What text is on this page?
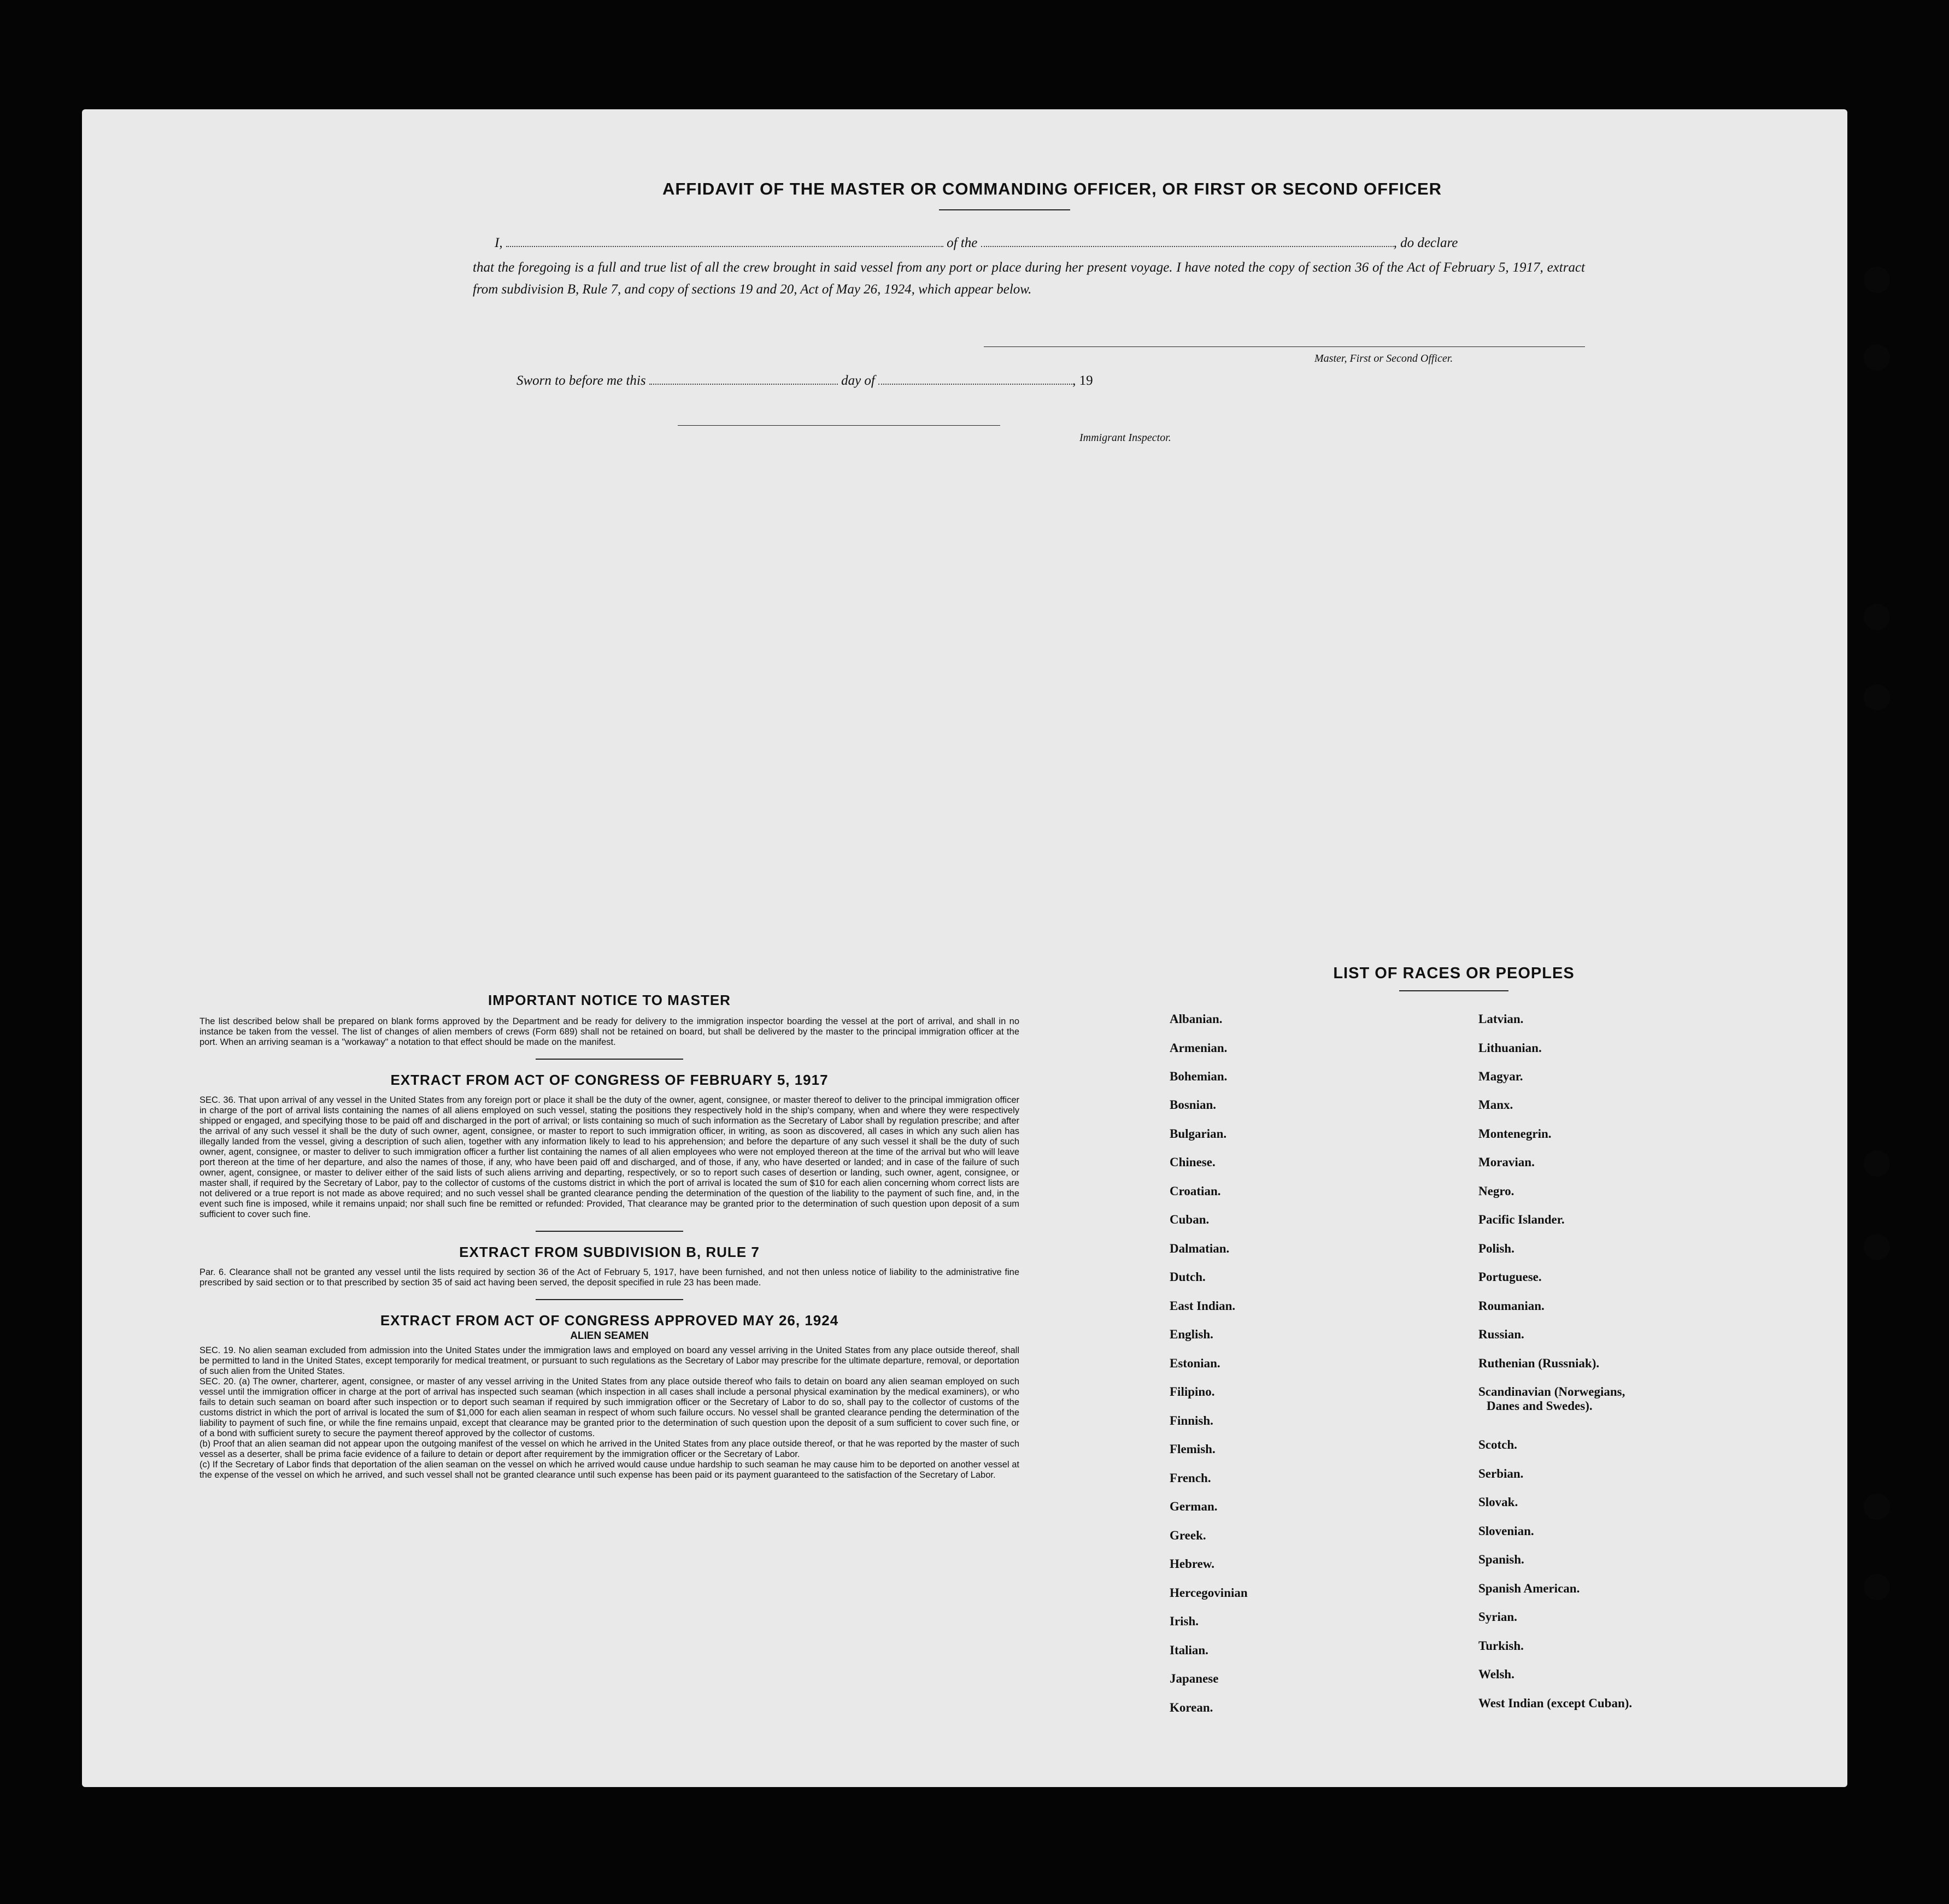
AFFIDAVIT OF THE MASTER OR COMMANDING OFFICER, OR FIRST OR SECOND OFFICER
I,	of the	, do declare
that the foregoing is a full and true list of all the crew brought in said vessel from any port or place during her present voyage. I have noted the copy of section 36 of the Act of February 5, 1917, extract from subdivision B, Rule 7, and copy of sections 19 and 20, Act of May 26, 1924, which appear below.
Master, First or Second Officer.
Sworn to before me this	day of	, 19
Immigrant Inspector.
IMPORTANT NOTICE TO MASTER

The list described below shall be prepared on blank forms approved by the Department and be ready for delivery to the immigration inspector boarding the vessel at the port of arrival, and shall in no instance be taken from the vessel. The list of changes of alien members of crews (Form 689) shall not be retained on board, but shall be delivered by the master to the principal immigration officer at the port. When an arriving seaman is a "workaway" a notation to that effect should be made on the manifest.

EXTRACT FROM ACT OF CONGRESS OF FEBRUARY 5, 1917

SEC. 36. That upon arrival of any vessel in the United States from any foreign port or place it shall be the duty of the owner, agent, consignee, or master thereof to deliver to the principal immigration officer in charge of the port of arrival lists containing the names of all aliens employed on such vessel, stating the positions they respectively hold in the ship's company, when and where they were respectively shipped or engaged, and specifying those to be paid off and discharged in the port of arrival; or lists containing so much of such information as the Secretary of Labor shall by regulation prescribe; and after the arrival of any such vessel it shall be the duty of such owner, agent, consignee, or master to report to such immigration officer, in writing, as soon as discovered, all cases in which any such alien has illegally landed from the vessel, giving a description of such alien, together with any information likely to lead to his apprehension; and before the departure of any such vessel it shall be the duty of such owner, agent, consignee, or master to deliver to such immigration officer a further list containing the names of all alien employees who were not employed thereon at the time of the arrival but who will leave port thereon at the time of her departure, and also the names of those, if any, who have been paid off and discharged, and of those, if any, who have deserted or landed; and in case of the failure of such owner, agent, consignee, or master to deliver either of the said lists of such aliens arriving and departing, respectively, or so to report such cases of desertion or landing, such owner, agent, consignee, or master shall, if required by the Secretary of Labor, pay to the collector of customs of the customs district in which the port of arrival is located the sum of $10 for each alien concerning whom correct lists are not delivered or a true report is not made as above required; and no such vessel shall be granted clearance pending the determination of the question of the liability to the payment of such fine, and, in the event such fine is imposed, while it remains unpaid; nor shall such fine be remitted or refunded: Provided, That clearance may be granted prior to the determination of such question upon deposit of a sum sufficient to cover such fine.

EXTRACT FROM SUBDIVISION B, RULE 7

Par. 6. Clearance shall not be granted any vessel until the lists required by section 36 of the Act of February 5, 1917, have been furnished, and not then unless notice of liability to the administrative fine prescribed by said section or to that prescribed by section 35 of said act having been served, the deposit specified in rule 23 has been made.

EXTRACT FROM ACT OF CONGRESS APPROVED MAY 26, 1924
ALIEN SEAMEN

SEC. 19. No alien seaman excluded from admission into the United States under the immigration laws and employed on board any vessel arriving in the United States from any place outside thereof, shall be permitted to land in the United States, except temporarily for medical treatment, or pursuant to such regulations as the Secretary of Labor may prescribe for the ultimate departure, removal, or deportation of such alien from the United States.

SEC. 20. (a) The owner, charterer, agent, consignee, or master of any vessel arriving in the United States from any place outside thereof who fails to detain on board any alien seaman employed on such vessel until the immigration officer in charge at the port of arrival has inspected such seaman (which inspection in all cases shall include a personal physical examination by the medical examiners), or who fails to detain such seaman on board after such inspection or to deport such seaman if required by such immigration officer or the Secretary of Labor to do so, shall pay to the collector of customs of the customs district in which the port of arrival is located the sum of $1,000 for each alien seaman in respect of whom such failure occurs. No vessel shall be granted clearance pending the determination of the liability to payment of such fine, or while the fine remains unpaid, except that clearance may be granted prior to the determination of such question upon the deposit of a sum sufficient to cover such fine, or of a bond with sufficient surety to secure the payment thereof approved by the collector of customs.

(b) Proof that an alien seaman did not appear upon the outgoing manifest of the vessel on which he arrived in the United States from any place outside thereof, or that he was reported by the master of such vessel as a deserter, shall be prima facie evidence of a failure to detain or deport after requirement by the immigration officer or the Secretary of Labor.

(c) If the Secretary of Labor finds that deportation of the alien seaman on the vessel on which he arrived would cause undue hardship to such seaman he may cause him to be deported on another vessel at the expense of the vessel on which he arrived, and such vessel shall not be granted clearance until such expense has been paid or its payment guaranteed to the satisfaction of the Secretary of Labor.

LIST OF RACES OR PEOPLES
Albanian.
Armenian.
Bohemian.
Bosnian.
Bulgarian.
Chinese.
Croatian.
Cuban.
Dalmatian.
Dutch.
East Indian.
English.
Estonian.
Filipino.
Finnish.
Flemish.
French.
German.
Greek.
Hebrew.
Hercegovinian
Irish.
Italian.
Japanese
Korean.
Latvian.
Lithuanian.
Magyar.
Manx.
Montenegrin.
Moravian.
Negro.
Pacific Islander.
Polish.
Portuguese.
Roumanian.
Russian.
Ruthenian (Russniak).
Scandinavian (Norwegians,
Danes and Swedes).
Scotch.
Serbian.
Slovak.
Slovenian.
Spanish.
Spanish American.
Syrian.
Turkish.
Welsh.
West Indian (except Cuban).
